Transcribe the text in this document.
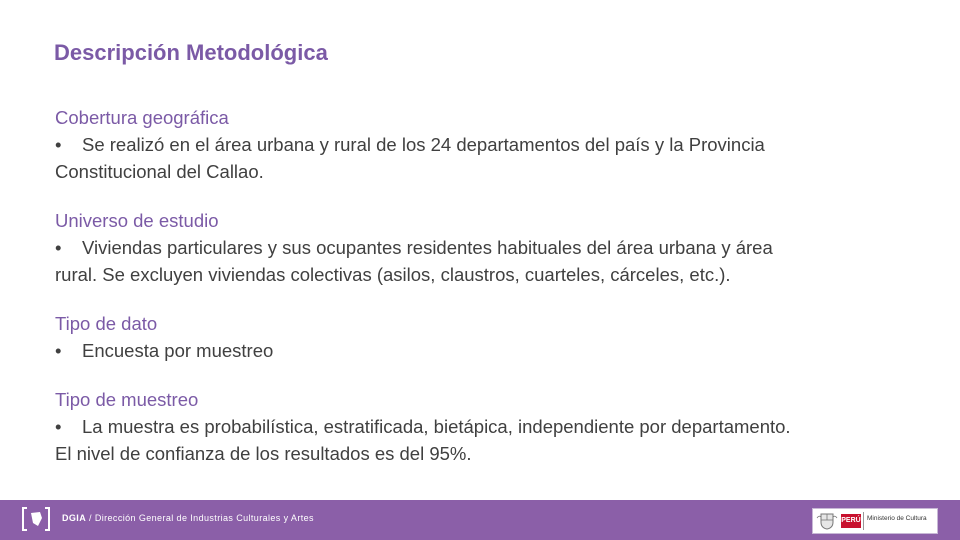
Descripción Metodológica
Cobertura geográfica
• Se realizó en el área urbana y rural de los 24 departamentos del país y la Provincia
Constitucional del Callao.
Universo de estudio
• Viviendas particulares y sus ocupantes residentes habituales del área urbana y área
rural. Se excluyen viviendas colectivas (asilos, claustros, cuarteles, cárceles, etc.).
Tipo de dato
• Encuesta por muestreo
Tipo de muestreo
• La muestra es probabilística, estratificada, bietápica, independiente por departamento.
El nivel de confianza de los resultados es del 95%.
DGIA / Dirección General de Industrias Culturales y Artes	PERÚ Ministerio de Cultura
